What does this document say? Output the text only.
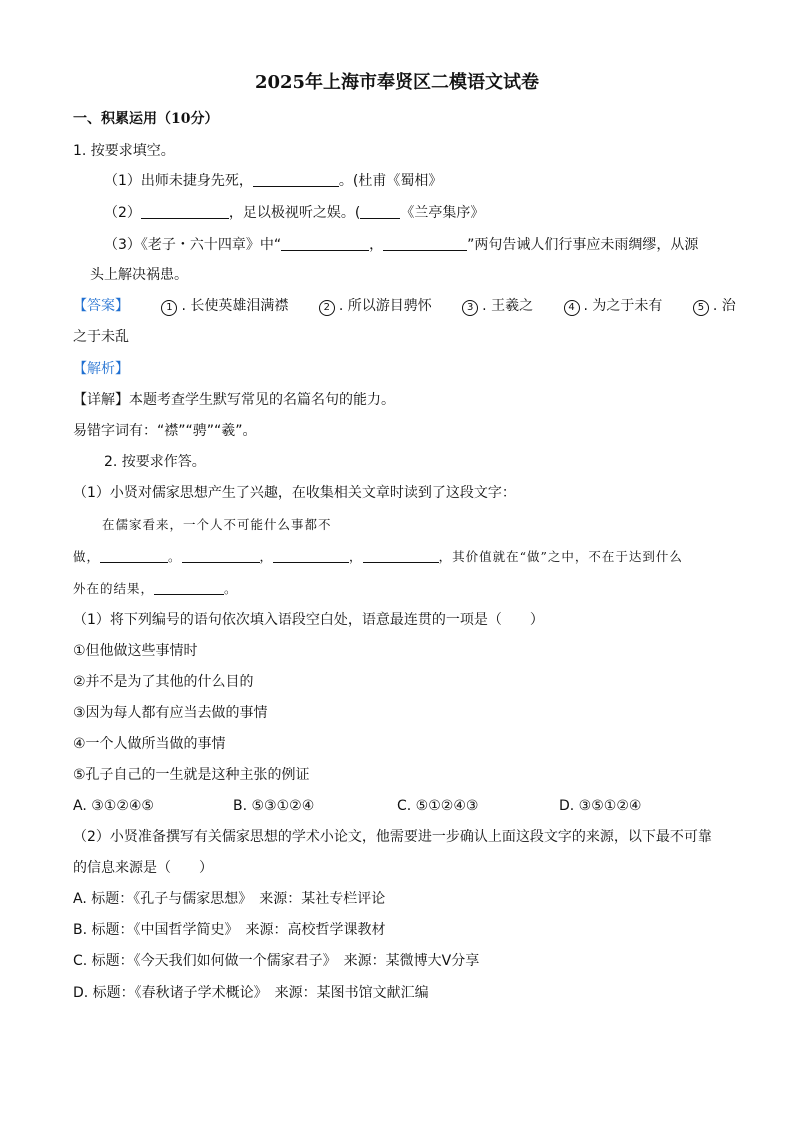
2025年上海市奉贤区二模语文试卷
一、积累运用（10分）
1. 按要求填空。
（1）出师未捷身先死，	。(杜甫《蜀相》
（2）	，足以极视听之娱。(	《兰亭集序》
（3）《老子・六十四章》中“	，	”两句告诫人们行事应未雨绸缪，从源
头上解决祸患。
【答案】	1 . 长使英雄泪满襟	2 . 所以游目骋怀	3 . 王羲之	4 . 为之于未有	5 . 治
之于未乱
【解析】
【详解】本题考查学生默写常见的名篇名句的能力。
易错字词有：“襟”“骋”“羲”。
2. 按要求作答。
（1）小贤对儒家思想产生了兴趣，在收集相关文章时读到了这段文字：
在儒家看来，一个人不可能什么事都不
做，	。	，	，	，其价值就在“做”之中，不在于达到什么
外在的结果，	。
（1）将下列编号的语句依次填入语段空白处，语意最连贯的一项是（　　）
①但他做这些事情时
②并不是为了其他的什么目的
③因为每人都有应当去做的事情
④一个人做所当做的事情
⑤孔子自己的一生就是这种主张的例证
A. ③①②④⑤	B. ⑤③①②④	C. ⑤①②④③	D. ③⑤①②④
（2）小贤准备撰写有关儒家思想的学术小论文，他需要进一步确认上面这段文字的来源，以下最不可靠
的信息来源是（　　）
A. 标题：《孔子与儒家思想》　来源：某社专栏评论
B. 标题：《中国哲学简史》　来源：高校哲学课教材
C. 标题：《今天我们如何做一个儒家君子》　来源：某微博大V分享
D. 标题：《春秋诸子学术概论》　来源：某图书馆文献汇编
